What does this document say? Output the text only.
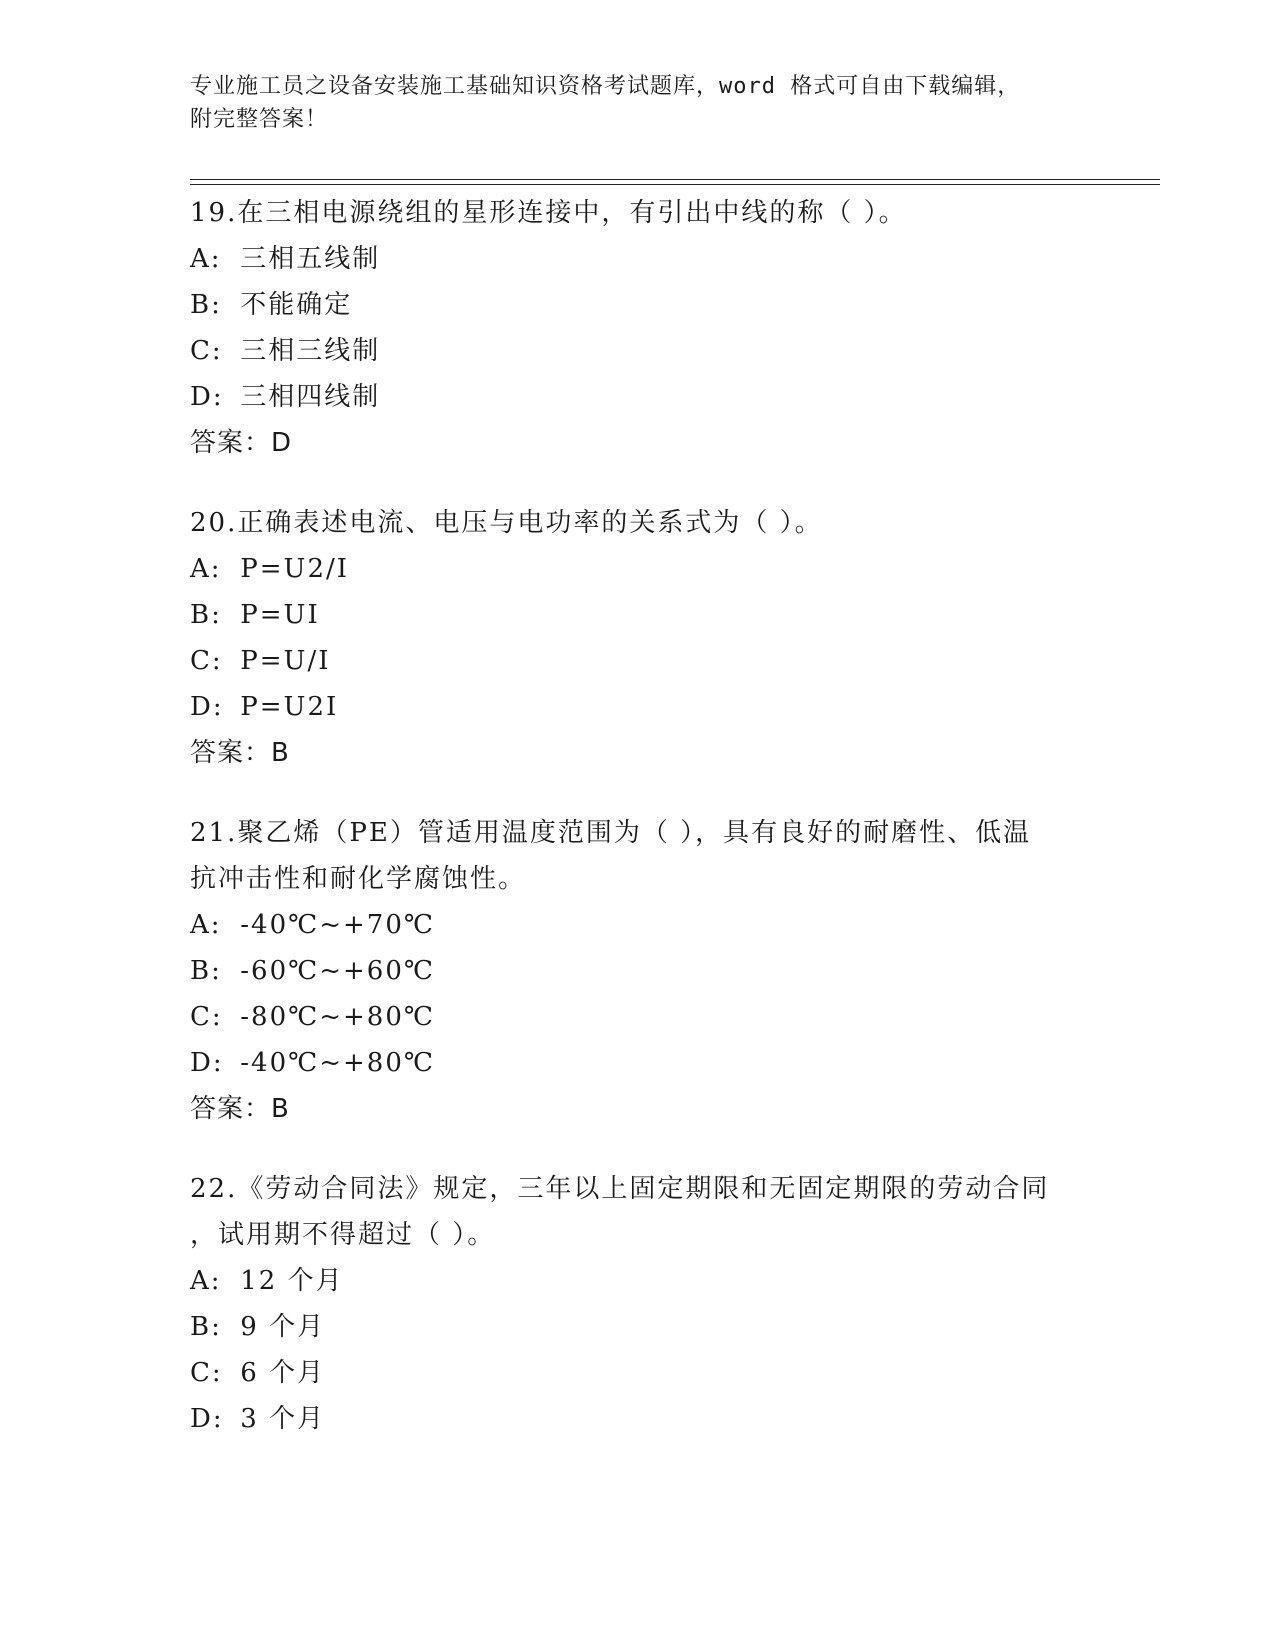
专业施工员之设备安装施工基础知识资格考试题库，word 格式可自由下载编辑，
附完整答案！
19.在三相电源绕组的星形连接中，有引出中线的称（ ）。
A: 三相五线制
B: 不能确定
C: 三相三线制
D: 三相四线制
答案：D
20.正确表述电流、电压与电功率的关系式为（ ）。
A: P=U2/I
B: P=UI
C: P=U/I
D: P=U2I
答案：B
21.聚乙烯（PE）管适用温度范围为（ ），具有良好的耐磨性、低温
抗冲击性和耐化学腐蚀性。
A: -40℃~+70℃
B: -60℃~+60℃
C: -80℃~+80℃
D: -40℃~+80℃
答案：B
22.《劳动合同法》规定，三年以上固定期限和无固定期限的劳动合同
，试用期不得超过（ ）。
A: 12 个月
B: 9 个月
C: 6 个月
D: 3 个月
